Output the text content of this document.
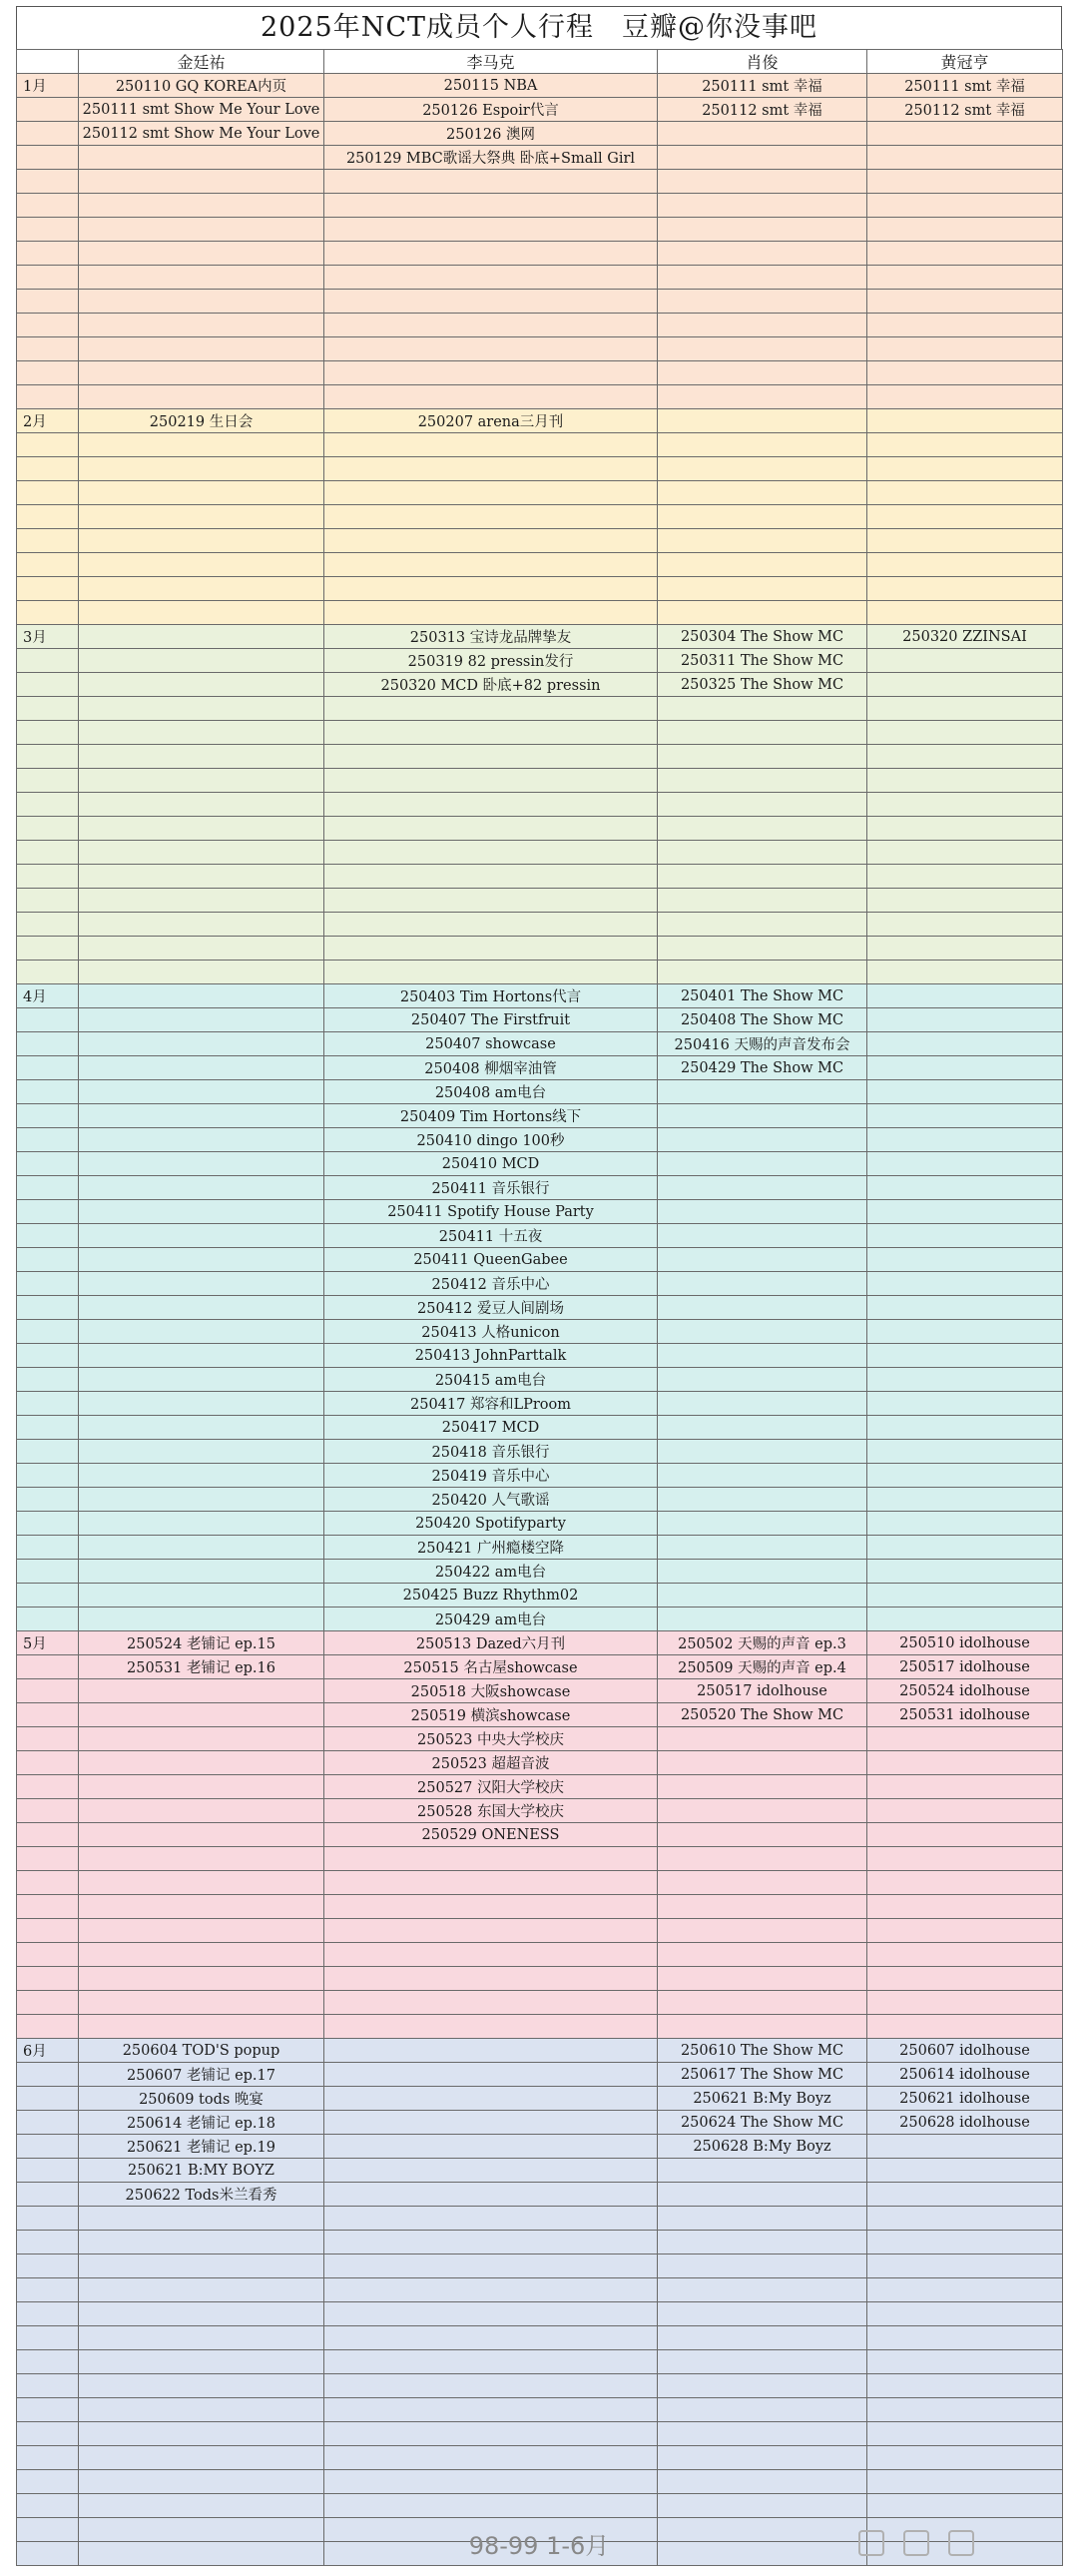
2025年NCT成员个人行程　豆瓣@你没事吧
	金廷祐	李马克	肖俊	黄冠亨
1月	250110 GQ KOREA内页	250115 NBA	250111 smt 幸福	250111 smt 幸福
	250111 smt Show Me Your Love	250126 Espoir代言	250112 smt 幸福	250112 smt 幸福
	250112 smt Show Me Your Love	250126 澳网		
		250129 MBC歌谣大祭典 卧底+Small Girl		

2月	250219 生日会	250207 arena三月刊		

3月		250313 宝诗龙品牌挚友	250304 The Show MC	250320 ZZINSAI
		250319 82 pressin发行	250311 The Show MC	
		250320 MCD 卧底+82 pressin	250325 The Show MC	

4月		250403 Tim Hortons代言	250401 The Show MC	
		250407 The Firstfruit	250408 The Show MC	
		250407 showcase	250416 天赐的声音发布会	
		250408 柳烟宰油管	250429 The Show MC	
		250408 am电台		
		250409 Tim Hortons线下		
		250410 dingo 100秒		
		250410 MCD		
		250411 音乐银行		
		250411 Spotify House Party		
		250411 十五夜		
		250411 QueenGabee		
		250412 音乐中心		
		250412 爱豆人间剧场		
		250413 人格unicon		
		250413 JohnParttalk		
		250415 am电台		
		250417 郑容和LProom		
		250417 MCD		
		250418 音乐银行		
		250419 音乐中心		
		250420 人气歌谣		
		250420 Spotifyparty		
		250421 广州瘾楼空降		
		250422 am电台		
		250425 Buzz Rhythm02		
		250429 am电台		
5月	250524 老铺记 ep.15	250513 Dazed六月刊	250502 天赐的声音 ep.3	250510 idolhouse
	250531 老铺记 ep.16	250515 名古屋showcase	250509 天赐的声音 ep.4	250517 idolhouse
		250518 大阪showcase	250517 idolhouse	250524 idolhouse
		250519 横滨showcase	250520 The Show MC	250531 idolhouse
		250523 中央大学校庆		
		250523 超超音波		
		250527 汉阳大学校庆		
		250528 东国大学校庆		
		250529 ONENESS		

6月	250604 TOD'S popup		250610 The Show MC	250607 idolhouse
	250607 老铺记 ep.17		250617 The Show MC	250614 idolhouse
	250609 tods 晚宴		250621 B:My Boyz	250621 idolhouse
	250614 老铺记 ep.18		250624 The Show MC	250628 idolhouse
	250621 老铺记 ep.19		250628 B:My Boyz	
	250621 B:MY BOYZ			
	250622 Tods米兰看秀			

98-99 1-6月
